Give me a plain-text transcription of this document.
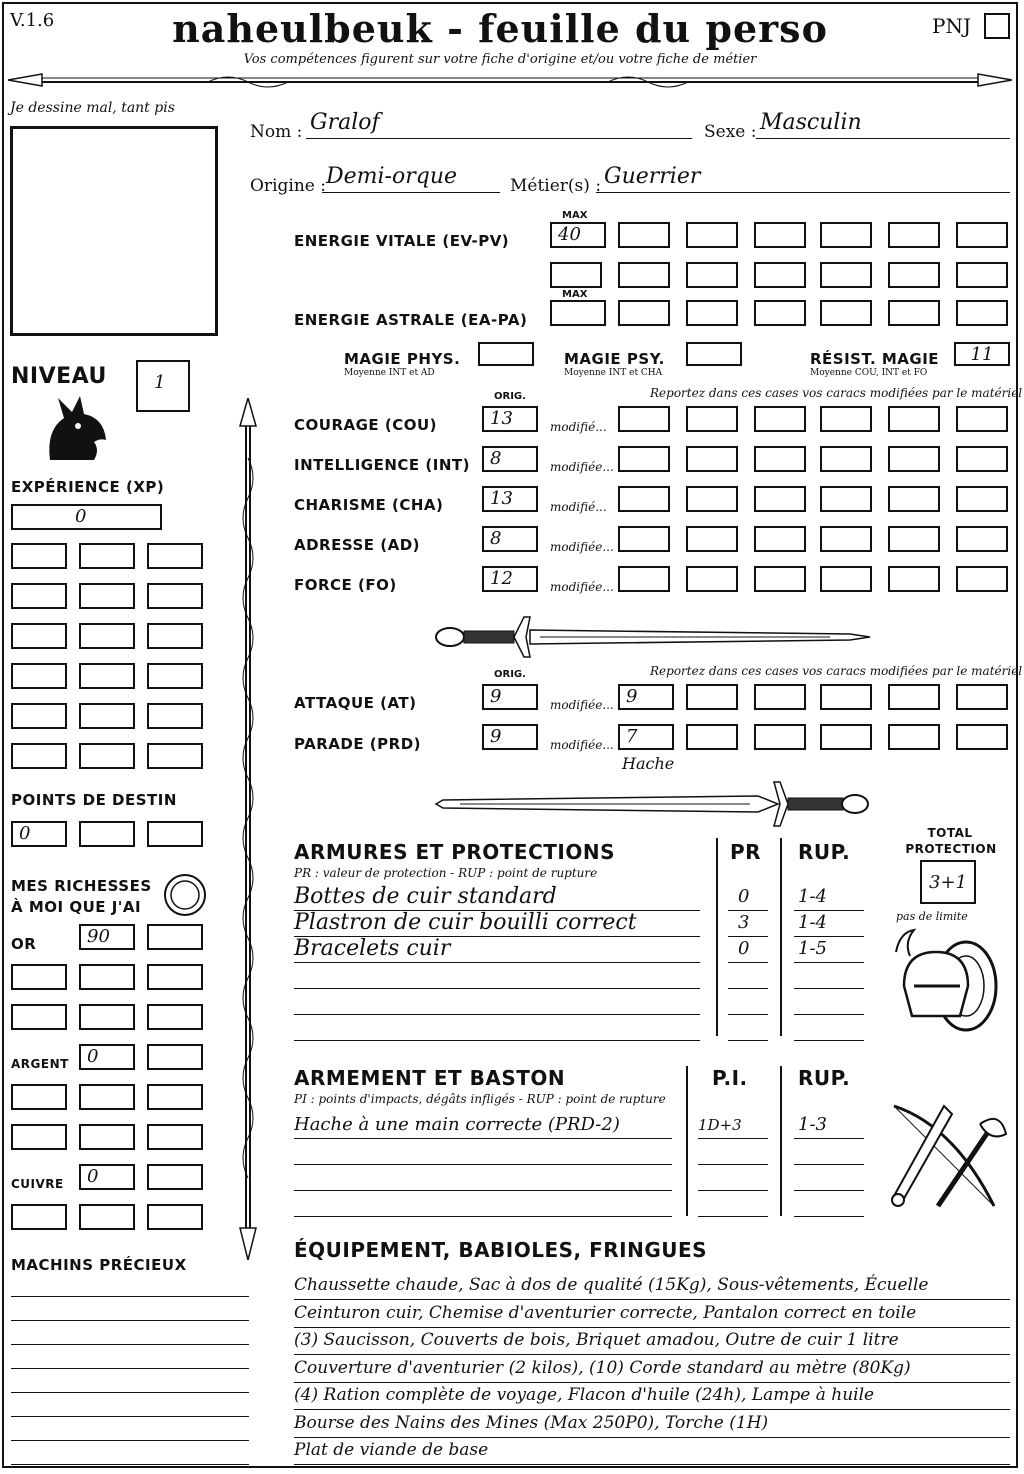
V.1.6	naheulbeuk - feuille du perso
Vos compétences figurent sur votre fiche d'origine et/ou votre fiche de métier
PNJ
Je dessine mal, tant pis
Nom : Gralof	Sexe : Masculin
Origine : Demi-orque	Métier(s) : Guerrier
MAX
ENERGIE VITALE (EV-PV)	40
MAX
ENERGIE ASTRALE (EA-PA)
MAGIE PHYS.
Moyenne INT et AD
MAGIE PSY.
Moyenne INT et CHA
RÉSIST. MAGIE
Moyenne COU, INT et FO
11
ORIG.	Reportez dans ces cases vos caracs modifiées par le matériel
COURAGE (COU)	13	modifié...
INTELLIGENCE (INT)	8	modifiée...
CHARISME (CHA)	13	modifié...
ADRESSE (AD)	8	modifiée...
FORCE (FO)	12	modifiée...
ORIG.	Reportez dans ces cases vos caracs modifiées par le matériel
ATTAQUE (AT)	9	modifiée... 9
PARADE (PRD)	9	modifiée... 7
Hache
NIVEAU	1
EXPÉRIENCE (XP)
0
POINTS DE DESTIN
0
MES RICHESSES
À MOI QUE J'AI
OR	90
ARGENT	0
CUIVRE	0
MACHINS PRÉCIEUX
ARMURES ET PROTECTIONS
PR : valeur de protection - RUP : point de rupture
PR RUP.
Bottes de cuir standard	0	1-4
Plastron de cuir bouilli correct	3	1-4
Bracelets cuir	0	1-5
TOTAL
PROTECTION
3+1
pas de limite
ARMEMENT ET BASTON
PI : points d'impacts, dégâts infligés - RUP : point de rupture
P.I.	RUP.
Hache à une main correcte (PRD-2)	1D+3	1-3
ÉQUIPEMENT, BABIOLES, FRINGUES
Chaussette chaude, Sac à dos de qualité (15Kg), Sous-vêtements, Écuelle
Ceinturon cuir, Chemise d'aventurier correcte, Pantalon correct en toile
(3) Saucisson, Couverts de bois, Briquet amadou, Outre de cuir 1 litre
Couverture d'aventurier (2 kilos), (10) Corde standard au mètre (80Kg)
(4) Ration complète de voyage, Flacon d'huile (24h), Lampe à huile
Bourse des Nains des Mines (Max 250P0), Torche (1H)
Plat de viande de base
